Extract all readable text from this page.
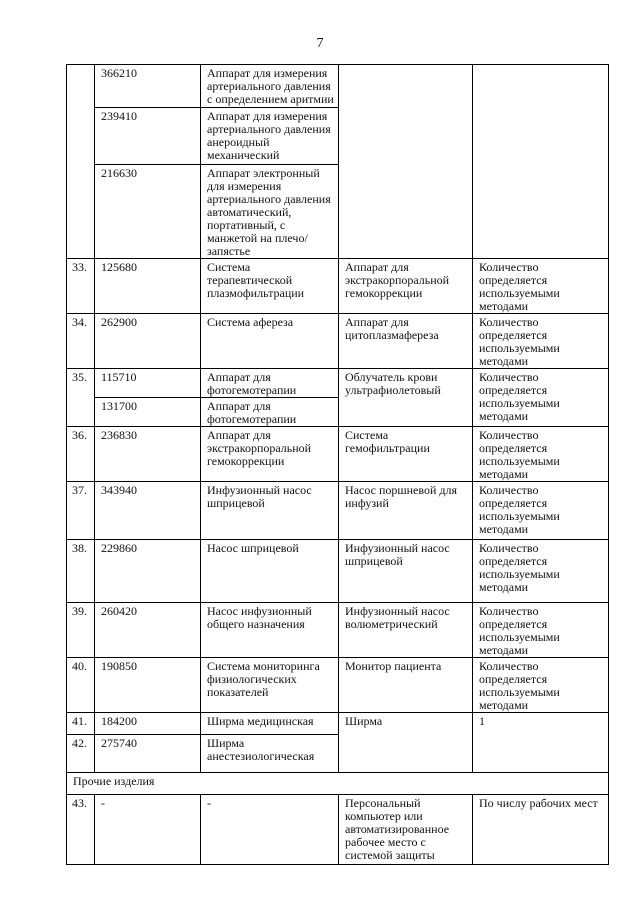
7
	366210	Аппарат для измерения артериального давления с определением аритмии		
	239410	Аппарат для измерения артериального давления анероидный механический		
	216630	Аппарат электронный для измерения артериального давления автоматический, портативный, с манжетой на плечо/запястье		
33.	125680	Система терапевтической плазмофильтрации	Аппарат для экстракорпоральной гемокоррекции	Количество определяется используемыми методами
34.	262900	Система афереза	Аппарат для цитоплазмафереза	Количество определяется используемыми методами
35.	115710	Аппарат для фотогемотерапии	Облучатель крови ультрафиолетовый	Количество определяется используемыми методами
	131700	Аппарат для фотогемотерапии		
36.	236830	Аппарат для экстракорпоральной гемокоррекции	Система гемофильтрации	Количество определяется используемыми методами
37.	343940	Инфузионный насос шприцевой	Насос поршневой для инфузий	Количество определяется используемыми методами
38.	229860	Насос шприцевой	Инфузионный насос шприцевой	Количество определяется используемыми методами
39.	260420	Насос инфузионный общего назначения	Инфузионный насос волюметрический	Количество определяется используемыми методами
40.	190850	Система мониторинга физиологических показателей	Монитор пациента	Количество определяется используемыми методами
41.	184200	Ширма медицинская	Ширма	1
42.	275740	Ширма анестезиологическая		
Прочие изделия				
43.	-	-	Персональный компьютер или автоматизированное рабочее место с системой защиты	По числу рабочих мест
